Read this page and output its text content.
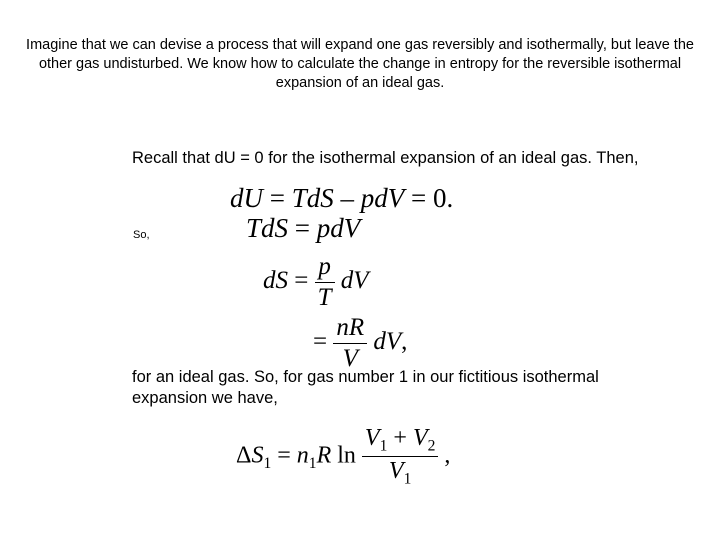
Imagine that we can devise a process that will expand one gas reversibly and isothermally, but leave the other gas undisturbed. We know how to calculate the change in entropy for the reversible isothermal expansion of an ideal gas.
Recall that dU = 0 for the isothermal expansion of an ideal gas. Then,
dU = TdS – pdV = 0.
So,	TdS = pdV
dS = $\frac{p}{T}$ dV
= $\frac{nR}{V}$ dV,
for an ideal gas. So, for gas number 1 in our fictitious isothermal expansion we have,
$\Delta S_1 = n_1R$ $\ln \frac{V_1 + V_2}{V_1}$ ,
